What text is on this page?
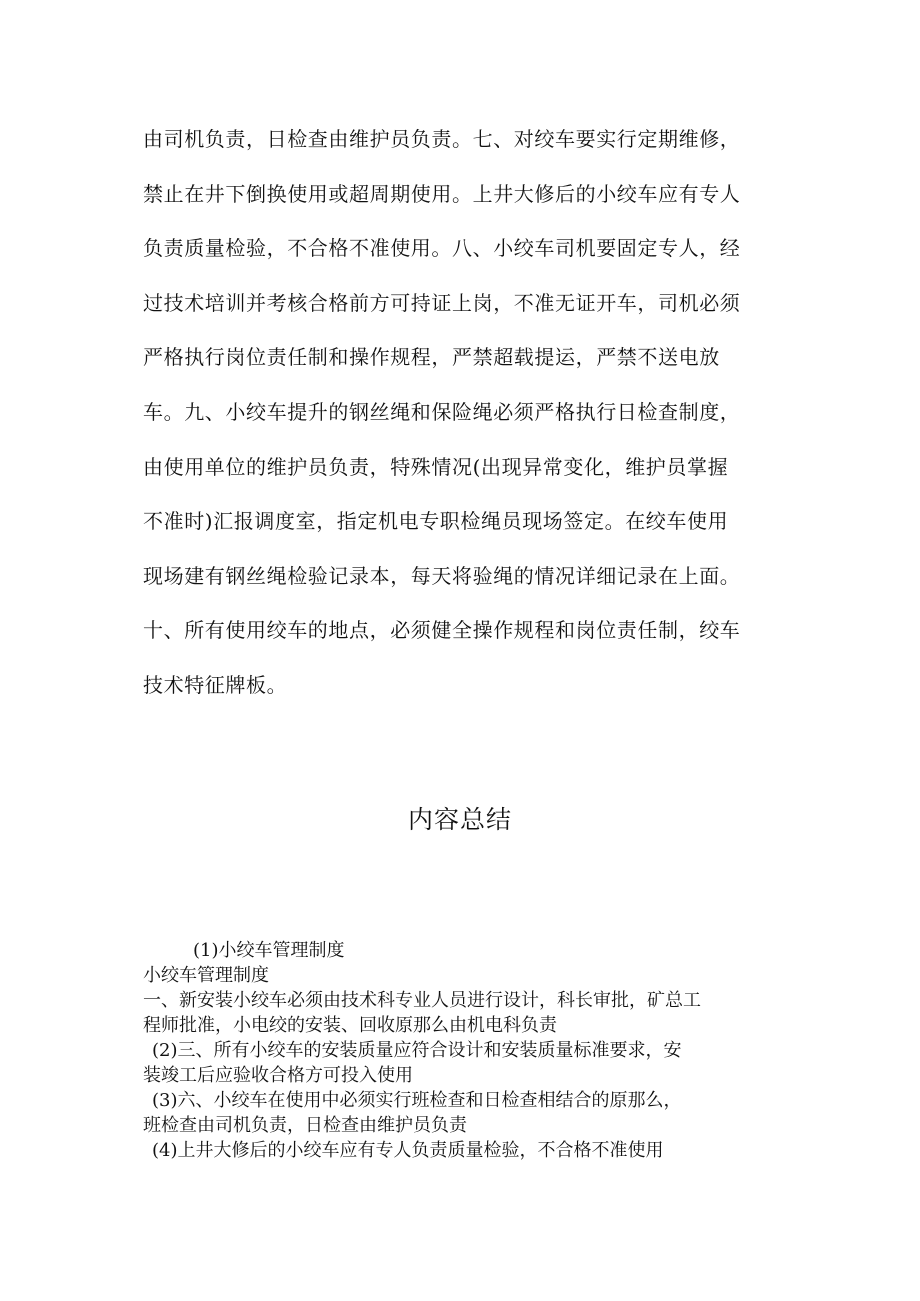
由司机负责，日检查由维护员负责。七、对绞车要实行定期维修，
禁止在井下倒换使用或超周期使用。上井大修后的小绞车应有专人
负责质量检验，不合格不准使用。八、小绞车司机要固定专人，经
过技术培训并考核合格前方可持证上岗，不准无证开车，司机必须
严格执行岗位责任制和操作规程，严禁超载提运，严禁不送电放
车。九、小绞车提升的钢丝绳和保险绳必须严格执行日检查制度，
由使用单位的维护员负责，特殊情况(出现异常变化，维护员掌握
不准时)汇报调度室，指定机电专职检绳员现场签定。在绞车使用
现场建有钢丝绳检验记录本，每天将验绳的情况详细记录在上面。
十、所有使用绞车的地点，必须健全操作规程和岗位责任制，绞车
技术特征牌板。
内容总结
(1)小绞车管理制度
小绞车管理制度
一、新安装小绞车必须由技术科专业人员进行设计，科长审批，矿总工
程师批准，小电绞的安装、回收原那么由机电科负责
(2)三、所有小绞车的安装质量应符合设计和安装质量标准要求，安
装竣工后应验收合格方可投入使用
(3)六、小绞车在使用中必须实行班检查和日检查相结合的原那么，
班检查由司机负责，日检查由维护员负责
(4)上井大修后的小绞车应有专人负责质量检验，不合格不准使用
